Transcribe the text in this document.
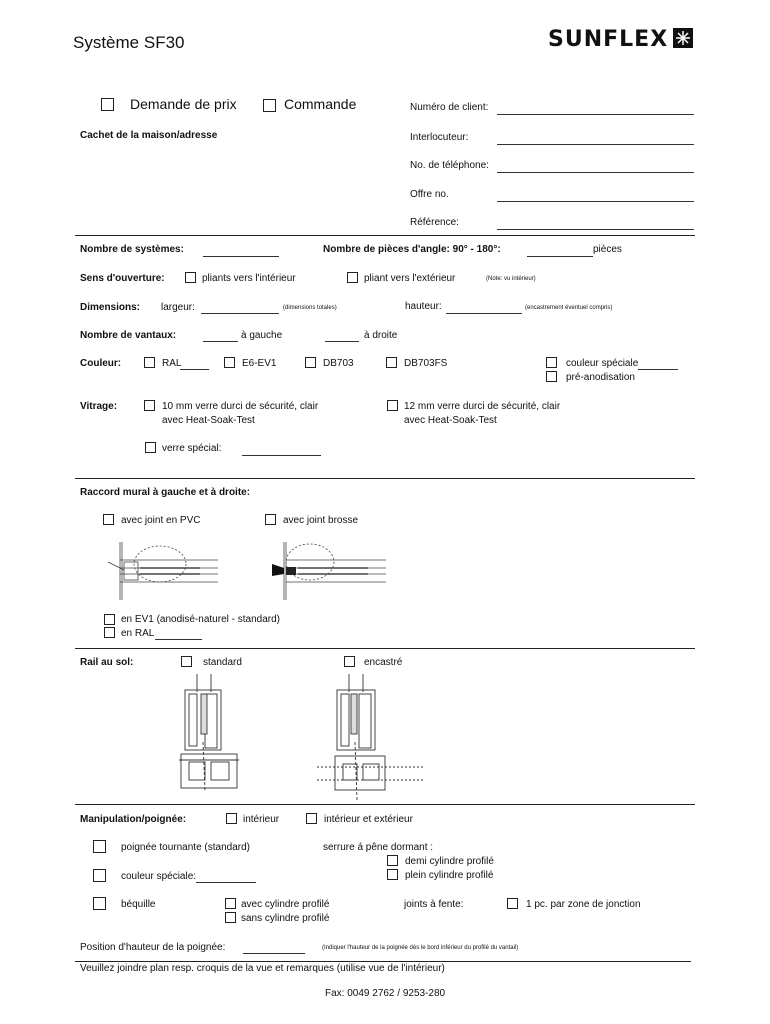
Système SF30	SUNFLEX
Demande de prix	Commande
Cachet de la maison/adresse
Numéro de client:
Interlocuteur:
No. de téléphone:
Offre no.
Référence:
Nombre de systèmes:	Nombre de pièces d'angle: 90° - 180°:	pièces
Sens d'ouverture:	pliants vers l'intérieur	pliant vers l'extérieur	(Note: vu intérieur)
Dimensions: largeur:	(dimensions totales)	hauteur:	(encastrement éventuel compris)
Nombre de vantaux:	à gauche	à droite
Couleur:	RAL	E6-EV1	DB703	DB703FS	couleur spéciale
pré-anodisation
Vitrage:	10 mm verre durci de sécurité, clair
avec Heat-Soak-Test
12 mm verre durci de sécurité, clair
avec Heat-Soak-Test
verre spécial:
Raccord mural à gauche et à droite:
avec joint en PVC	avec joint brosse
en EV1 (anodisé-naturel - standard)
en RAL
Rail au sol:	standard	encastré
Manipulation/poignée:	intérieur	intérieur et extérieur
poignée tournante (standard)	serrure á pêne dormant :
demi cylindre profilé
plein cylindre profilé
couleur spéciale:
béquille	avec cylindre profilé
sans cylindre profilé
joints à fente:	1 pc. par zone de jonction
Position d'hauteur de la poignée:	(Indiquer l'hauteur de la poignée dès le bord inférieur du profilé du vantail)
Veuillez joindre plan resp. croquis de la vue et remarques (utilise vue de l'intérieur)
Fax: 0049 2762 / 9253-280
